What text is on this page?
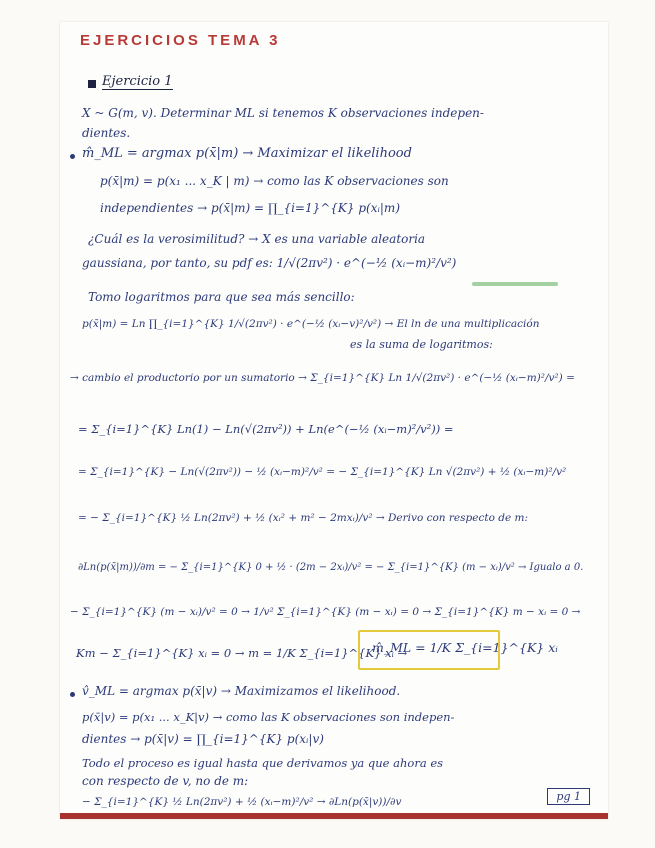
EJERCICIOS TEMA 3
Ejercicio 1
X ~ G(m, v). Determinar ML si tenemos K observaciones indepen-
dientes.
m̂_ML = argmax p(x̄|m) → Maximizar el likelihood
p(x̄|m) = p(x₁ ... x_K | m) → como las K observaciones son
independientes → p(x̄|m) = ∏_{i=1}^{K} p(xᵢ|m)
¿Cuál es la verosimilitud? → X es una variable aleatoria
gaussiana, por tanto, su pdf es: 1/√(2πv²) · e^(−½ (xᵢ−m)²/v²)
Tomo logaritmos para que sea más sencillo:
p(x̄|m) = Ln ∏_{i=1}^{K} 1/√(2πv²) · e^(−½ (xᵢ−v)²/v²) → El ln de una multiplicación
es la suma de logaritmos:
→ cambio el productorio por un sumatorio → Σ_{i=1}^{K} Ln 1/√(2πv²) · e^(−½ (xᵢ−m)²/v²) =
= Σ_{i=1}^{K} Ln(1) − Ln(√(2πv²)) + Ln(e^(−½ (xᵢ−m)²/v²)) =
= Σ_{i=1}^{K} − Ln(√(2πv²)) − ½ (xᵢ−m)²/v² = − Σ_{i=1}^{K} Ln √(2πv²) + ½ (xᵢ−m)²/v²
= − Σ_{i=1}^{K} ½ Ln(2πv²) + ½ (xᵢ² + m² − 2mxᵢ)/v² → Derivo con respecto de m:
∂Ln(p(x̄|m))/∂m = − Σ_{i=1}^{K} 0 + ½ · (2m − 2xᵢ)/v² = − Σ_{i=1}^{K} (m − xᵢ)/v² → Igualo a 0.
− Σ_{i=1}^{K} (m − xᵢ)/v² = 0 → 1/v² Σ_{i=1}^{K} (m − xᵢ) = 0 → Σ_{i=1}^{K} m − xᵢ = 0 →
Km − Σ_{i=1}^{K} xᵢ = 0 → m = 1/K Σ_{i=1}^{K} xᵢ →
m̂_ML = 1/K Σ_{i=1}^{K} xᵢ
v̂_ML = argmax p(x̄|v) → Maximizamos el likelihood.
p(x̄|v) = p(x₁ ... x_K|v) → como las K observaciones son indepen-
dientes → p(x̄|v) = ∏_{i=1}^{K} p(xᵢ|v)
Todo el proceso es igual hasta que derivamos ya que ahora es
con respecto de v, no de m:
− Σ_{i=1}^{K} ½ Ln(2πv²) + ½ (xᵢ−m)²/v² → ∂Ln(p(x̄|v))/∂v	pg 1
